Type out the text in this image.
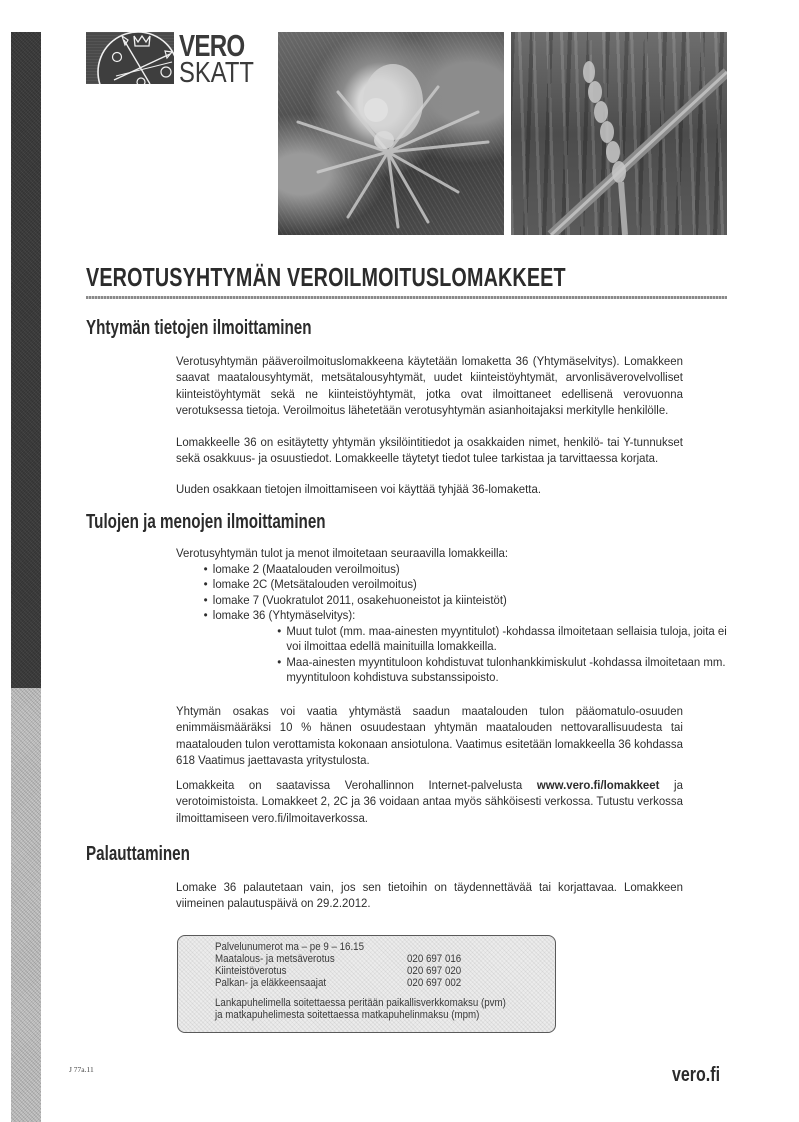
VERO
SKATT
VEROTUSYHTYMÄN VEROILMOITUSLOMAKKEET
Yhtymän tietojen ilmoittaminen
Verotusyhtymän pääveroilmoituslomakkeena käytetään lomaketta 36 (Yhtymäselvitys). Lomakkeen saavat maatalousyhtymät, metsätalousyhtymät, uudet kiinteistöyhtymät, arvonlisäverovelvolliset kiinteistöyhtymät sekä ne kiinteistöyhtymät, jotka ovat ilmoittaneet edellisenä verovuonna verotuksessa tietoja. Veroilmoitus lähetetään verotusyhtymän asianhoitajaksi merkitylle henkilölle.
Lomakkeelle 36 on esitäytetty yhtymän yksilöintitiedot ja osakkaiden nimet, henkilö- tai Y-tunnukset sekä osakkuus- ja osuustiedot. Lomakkeelle täytetyt tiedot tulee tarkistaa ja tarvittaessa korjata.
Uuden osakkaan tietojen ilmoittamiseen voi käyttää tyhjää 36-lomaketta.
Tulojen ja menojen ilmoittaminen
Verotusyhtymän tulot ja menot ilmoitetaan seuraavilla lomakkeilla:
• lomake 2 (Maatalouden veroilmoitus)
• lomake 2C (Metsätalouden veroilmoitus)
• lomake 7 (Vuokratulot 2011, osakehuoneistot ja kiinteistöt)
• lomake 36 (Yhtymäselvitys):
• Muut tulot (mm. maa-ainesten myyntitulot) -kohdassa ilmoitetaan sellaisia tuloja, joita ei voi ilmoittaa edellä mainituilla lomakkeilla.
• Maa-ainesten myyntituloon kohdistuvat tulonhankkimiskulut -kohdassa ilmoitetaan mm. myyntituloon kohdistuva substanssipoisto.
Yhtymän osakas voi vaatia yhtymästä saadun maatalouden tulon pääomatulo-osuuden enimmäismääräksi 10 % hänen osuudestaan yhtymän maatalouden nettovarallisuudesta tai maatalouden tulon verottamista kokonaan ansiotulona. Vaatimus esitetään lomakkeella 36 kohdassa 618 Vaatimus jaettavasta yritystulosta.
Lomakkeita on saatavissa Verohallinnon Internet-palvelusta www.vero.fi/lomakkeet ja verotoimistoista. Lomakkeet 2, 2C ja 36 voidaan antaa myös sähköisesti verkossa. Tutustu verkossa ilmoittamiseen vero.fi/ilmoitaverkossa.
Palauttaminen
Lomake 36 palautetaan vain, jos sen tietoihin on täydennettävää tai korjattavaa. Lomakkeen viimeinen palautuspäivä on 29.2.2012.
Palvelunumerot ma – pe 9 – 16.15
Maatalous- ja metsäverotus	020 697 016
Kiinteistöverotus	020 697 020
Palkan- ja eläkkeensaajat	020 697 002
Lankapuhelimella soitettaessa peritään paikallisverkkomaksu (pvm)
ja matkapuhelimesta soitettaessa matkapuhelinmaksu (mpm)
J 77a.11	vero.fi
